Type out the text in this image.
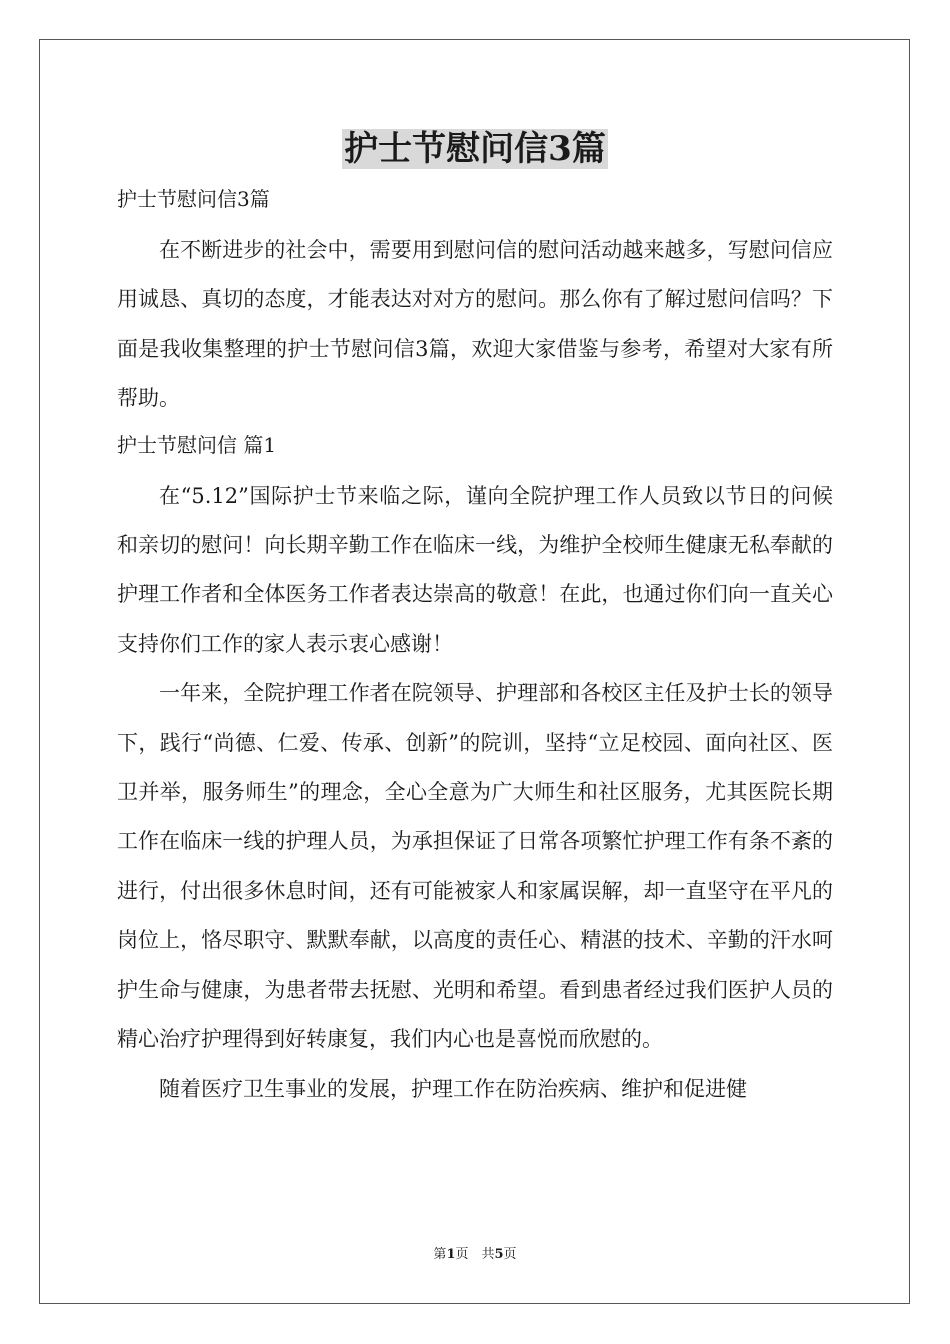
护士节慰问信3篇

护士节慰问信3篇

在不断进步的社会中，需要用到慰问信的慰问活动越来越多，写慰问信应用诚恳、真切的态度，才能表达对对方的慰问。那么你有了解过慰问信吗？下面是我收集整理的护士节慰问信3篇，欢迎大家借鉴与参考，希望对大家有所帮助。

护士节慰问信 篇1

在“5.12”国际护士节来临之际，谨向全院护理工作人员致以节日的问候和亲切的慰问！向长期辛勤工作在临床一线，为维护全校师生健康无私奉献的护理工作者和全体医务工作者表达崇高的敬意！在此，也通过你们向一直关心支持你们工作的家人表示衷心感谢！

一年来，全院护理工作者在院领导、护理部和各校区主任及护士长的领导下，践行“尚德、仁爱、传承、创新”的院训，坚持“立足校园、面向社区、医卫并举，服务师生”的理念，全心全意为广大师生和社区服务，尤其医院长期工作在临床一线的护理人员，为承担保证了日常各项繁忙护理工作有条不紊的进行，付出很多休息时间，还有可能被家人和家属误解，却一直坚守在平凡的岗位上，恪尽职守、默默奉献，以高度的责任心、精湛的技术、辛勤的汗水呵护生命与健康，为患者带去抚慰、光明和希望。看到患者经过我们医护人员的精心治疗护理得到好转康复，我们内心也是喜悦而欣慰的。

随着医疗卫生事业的发展，护理工作在防治疾病、维护和促进健

第1页　共5页
